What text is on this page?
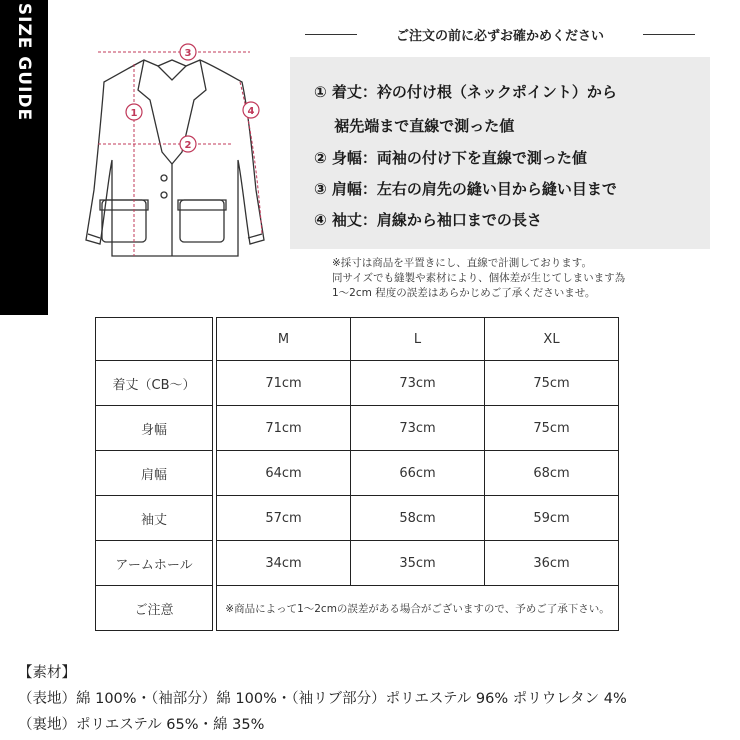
SIZE GUIDE	3
2
1	4
ご注文の前に必ずお確かめください
① 着丈：衿の付け根（ネックポイント）から
　 裾先端まで直線で測った値
② 身幅：両袖の付け下を直線で測った値
③ 肩幅：左右の肩先の縫い目から縫い目まで
④ 袖丈：肩線から袖口までの長さ
※採寸は商品を平置きにし、直線で計測しております。
同サイズでも縫製や素材により、個体差が生じてしまいます為
1〜2cm 程度の誤差はあらかじめご了承くださいませ。
		M	L	XL
着丈（CB〜）		71cm	73cm	75cm
身幅		71cm	73cm	75cm
肩幅		64cm	66cm	68cm
袖丈		57cm	58cm	59cm
アームホール		34cm	35cm	36cm
ご注意		※商品によって1〜2cmの誤差がある場合がございますので、予めご了承下さい。		
【素材】
（表地）綿 100%・（袖部分）綿 100%・（袖リブ部分）ポリエステル 96% ポリウレタン 4%
（裏地）ポリエステル 65%・綿 35%
